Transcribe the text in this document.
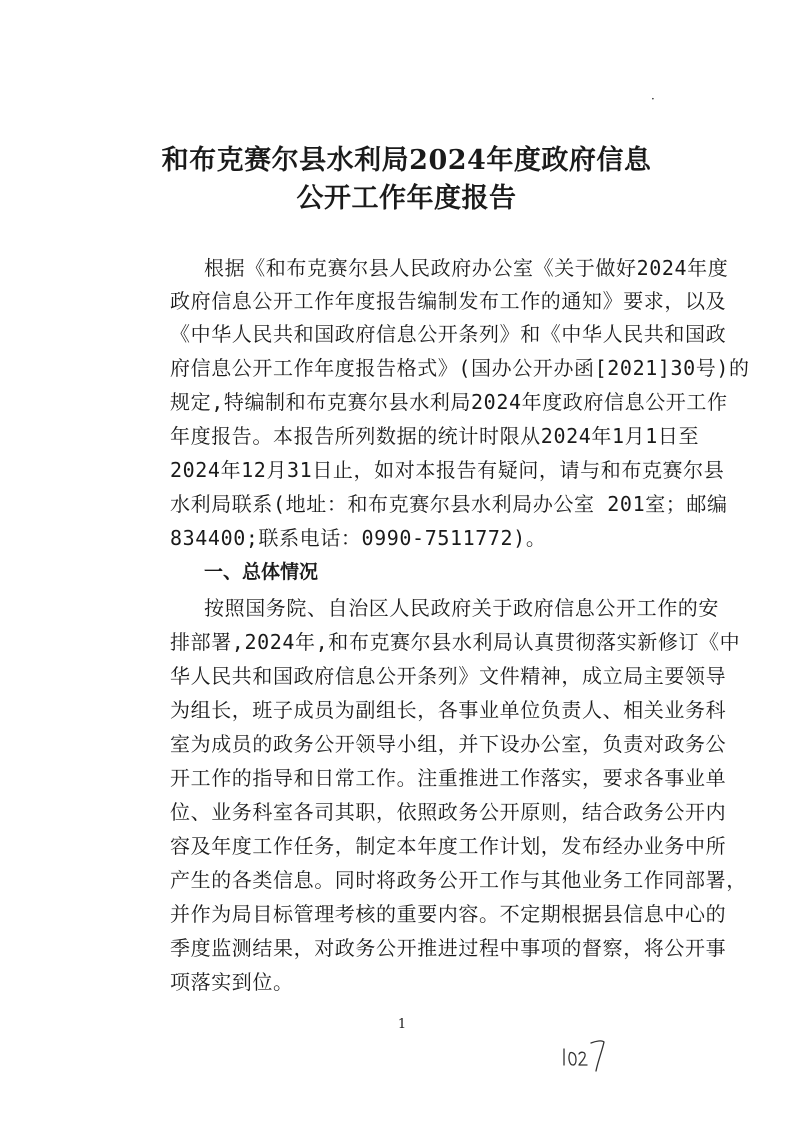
·
和布克赛尔县水利局2024年度政府信息
公开工作年度报告
根据《和布克赛尔县人民政府办公室《关于做好2024年度
政府信息公开工作年度报告编制发布工作的通知》要求，以及
《中华人民共和国政府信息公开条列》和《中华人民共和国政
府信息公开工作年度报告格式》(国办公开办函[2021]30号)的
规定,特编制和布克赛尔县水利局2024年度政府信息公开工作
年度报告。本报告所列数据的统计时限从2024年1月1日至
2024年12月31日止，如对本报告有疑问，请与和布克赛尔县
水利局联系(地址：和布克赛尔县水利局办公室 201室；邮编
834400;联系电话：0990-7511772)。
一、总体情况
按照国务院、自治区人民政府关于政府信息公开工作的安
排部署,2024年,和布克赛尔县水利局认真贯彻落实新修订《中
华人民共和国政府信息公开条列》文件精神，成立局主要领导
为组长，班子成员为副组长，各事业单位负责人、相关业务科
室为成员的政务公开领导小组，并下设办公室，负责对政务公
开工作的指导和日常工作。注重推进工作落实，要求各事业单
位、业务科室各司其职，依照政务公开原则，结合政务公开内
容及年度工作任务，制定本年度工作计划，发布经办业务中所
产生的各类信息。同时将政务公开工作与其他业务工作同部署，
并作为局目标管理考核的重要内容。不定期根据县信息中心的
季度监测结果，对政务公开推进过程中事项的督察，将公开事
项落实到位。
1
